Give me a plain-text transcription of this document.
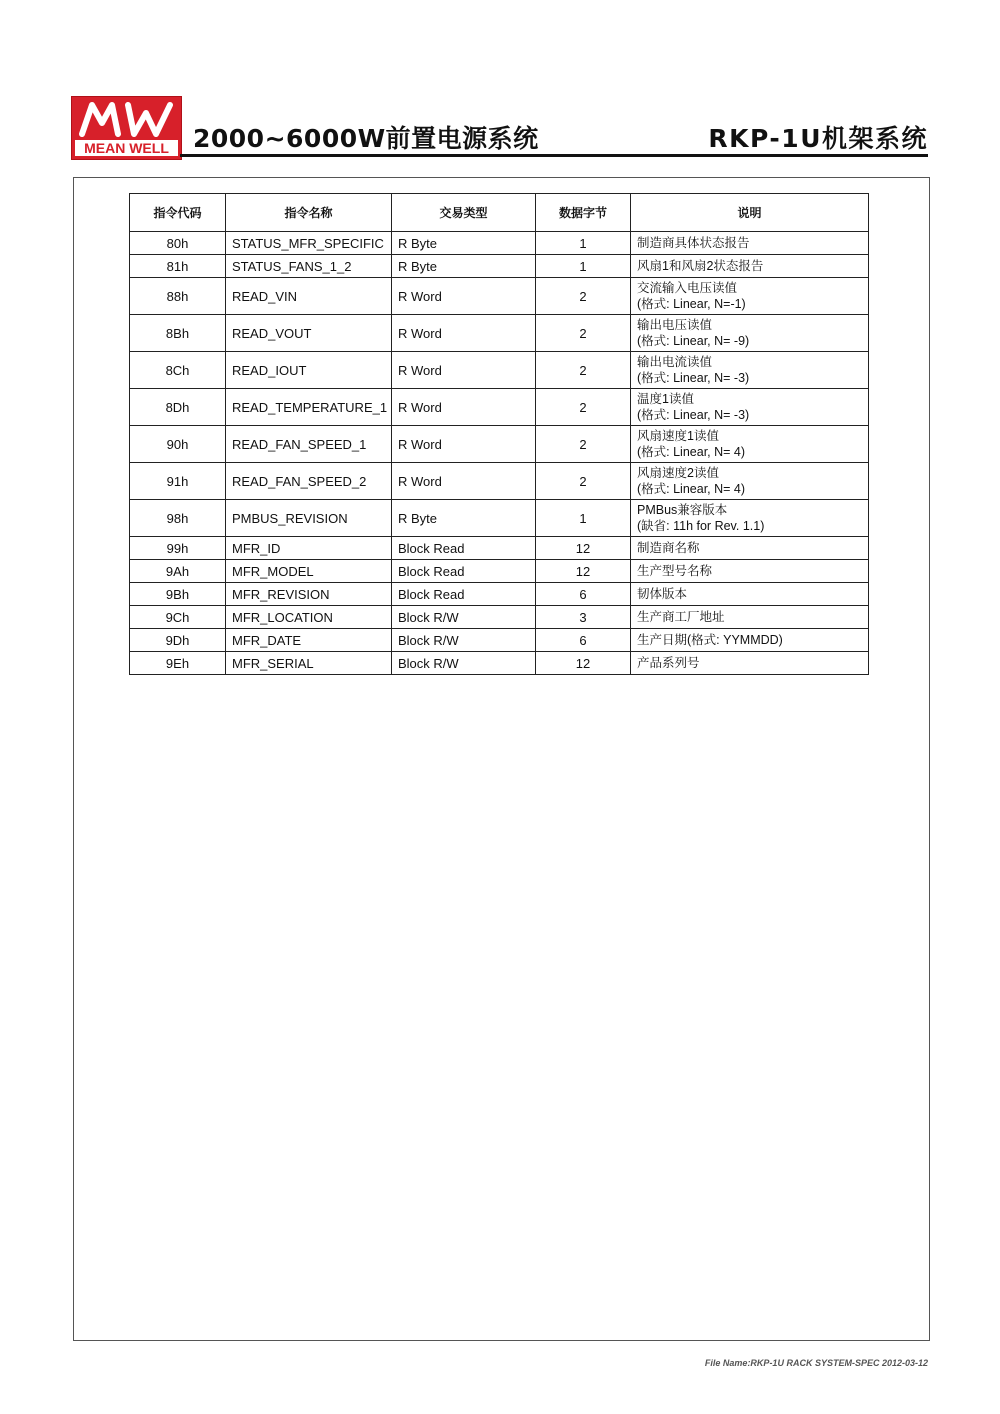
MEAN WELL 2000~6000W前置电源系统	RKP-1U机架系统
指令代码	指令名称	交易类型	数据字节	说明
80h	STATUS_MFR_SPECIFIC	R Byte	1	制造商具体状态报告

81h	STATUS_FANS_1_2	R Byte	1	风扇1和风扇2状态报告

88h	READ_VIN	R Word	2	交流输入电压读值
(格式: Linear, N=-1)

8Bh	READ_VOUT	R Word	2	输出电压读值
(格式: Linear, N= -9)

8Ch	READ_IOUT	R Word	2	输出电流读值
(格式: Linear, N= -3)

8Dh	READ_TEMPERATURE_1	R Word	2	温度1读值
(格式: Linear, N= -3)

90h	READ_FAN_SPEED_1	R Word	2	风扇速度1读值
(格式: Linear, N= 4)

91h	READ_FAN_SPEED_2	R Word	2	风扇速度2读值
(格式: Linear, N= 4)

98h	PMBUS_REVISION	R Byte	1	PMBus兼容版本
(缺省: 11h for Rev. 1.1)

99h	MFR_ID	Block Read	12	制造商名称

9Ah	MFR_MODEL	Block Read	12	生产型号名称

9Bh	MFR_REVISION	Block Read	6	韧体版本

9Ch	MFR_LOCATION	Block R/W	3	生产商工厂地址

9Dh	MFR_DATE	Block R/W	6	生产日期(格式: YYMMDD)

9Eh	MFR_SERIAL	Block R/W	12	产品系列号
File Name:RKP-1U RACK SYSTEM-SPEC 2012-03-12
